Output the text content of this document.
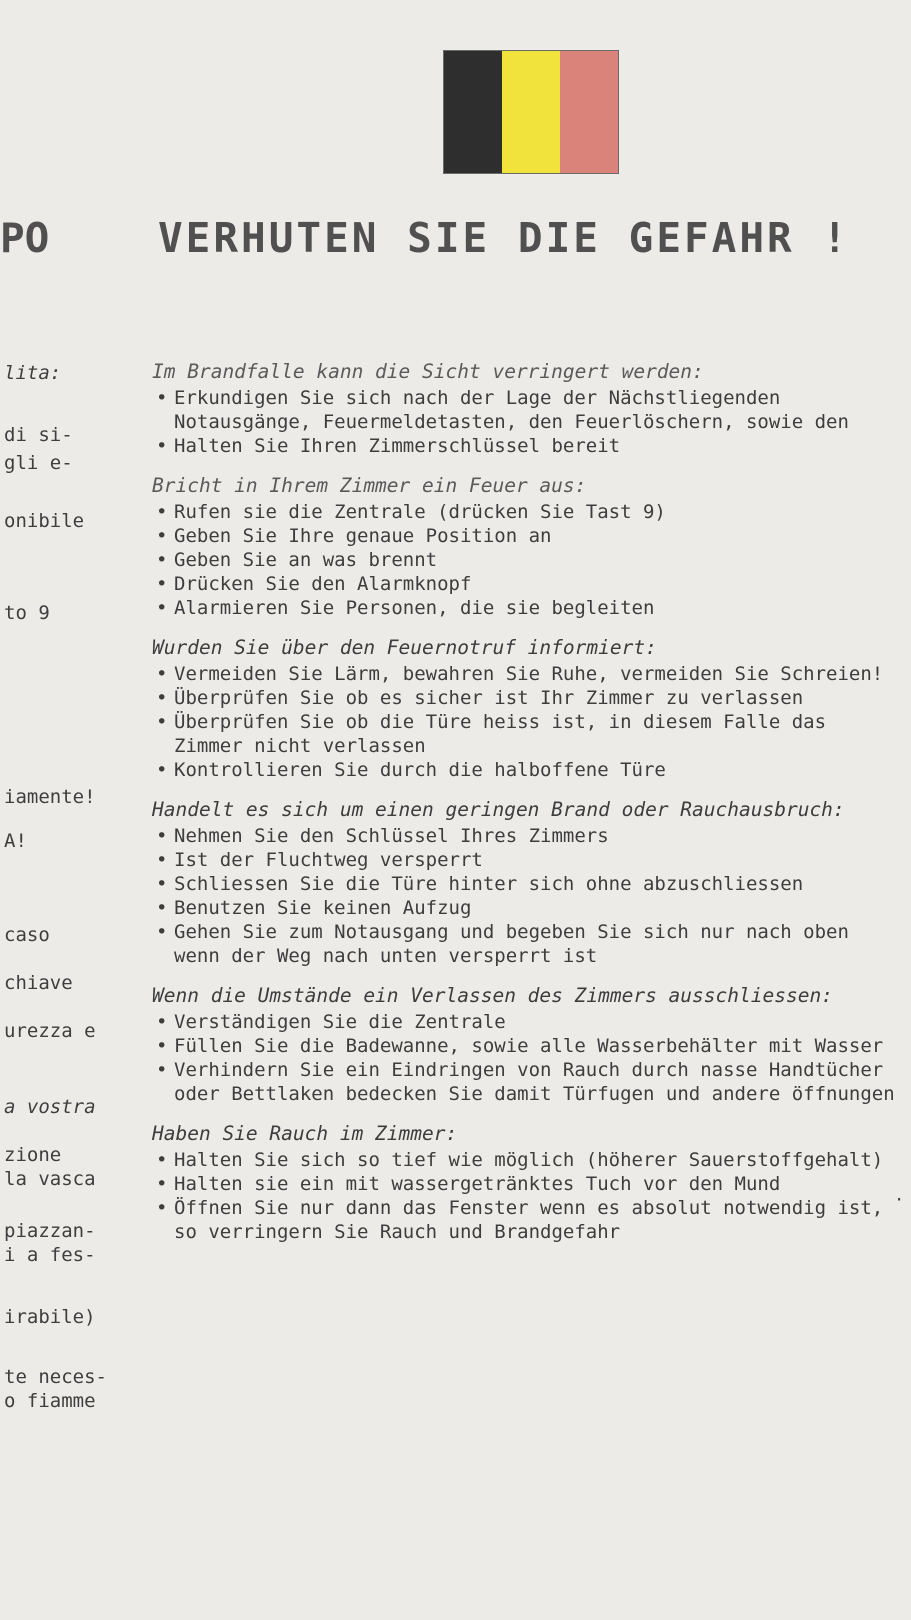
PO
lita:
di si-
gli e-
onibile
to 9
iamente!
A!
caso
chiave
urezza e
a vostra
zione
la vasca
piazzan-
i a fes-
irabile)
te neces-
o fiamme
VERHUTEN SIE DIE GEFAHR !
Im Brandfalle kann die Sicht verringert werden:
• Erkundigen Sie sich nach der Lage der Nächstliegenden Notausgänge, Feuermeldetasten, den Feuerlöschern, sowie den
• Halten Sie Ihren Zimmerschlüssel bereit
Bricht in Ihrem Zimmer ein Feuer aus:
• Rufen sie die Zentrale (drücken Sie Tast 9)
• Geben Sie Ihre genaue Position an
• Geben Sie an was brennt
• Drücken Sie den Alarmknopf
• Alarmieren Sie Personen, die sie begleiten
Wurden Sie über den Feuernotruf informiert:
• Vermeiden Sie Lärm, bewahren Sie Ruhe, vermeiden Sie Schreien!
• Überprüfen Sie ob es sicher ist Ihr Zimmer zu verlassen
• Überprüfen Sie ob die Türe heiss ist, in diesem Falle das Zimmer nicht verlassen
• Kontrollieren Sie durch die halboffene Türe
Handelt es sich um einen geringen Brand oder Rauchausbruch:
• Nehmen Sie den Schlüssel Ihres Zimmers
• Ist der Fluchtweg versperrt
• Schliessen Sie die Türe hinter sich ohne abzuschliessen
• Benutzen Sie keinen Aufzug
• Gehen Sie zum Notausgang und begeben Sie sich nur nach oben wenn der Weg nach unten versperrt ist
Wenn die Umstände ein Verlassen des Zimmers ausschliessen:
• Verständigen Sie die Zentrale
• Füllen Sie die Badewanne, sowie alle Wasserbehälter mit Wasser
• Verhindern Sie ein Eindringen von Rauch durch nasse Handtücher oder Bettlaken bedecken Sie damit Türfugen und andere öffnungen
Haben Sie Rauch im Zimmer:
• Halten Sie sich so tief wie möglich (höherer Sauerstoffgehalt)
• Halten sie ein mit wassergetränktes Tuch vor den Mund
• Öffnen Sie nur dann das Fenster wenn es absolut notwendig ist, so verringern Sie Rauch und Brandgefahr
·
